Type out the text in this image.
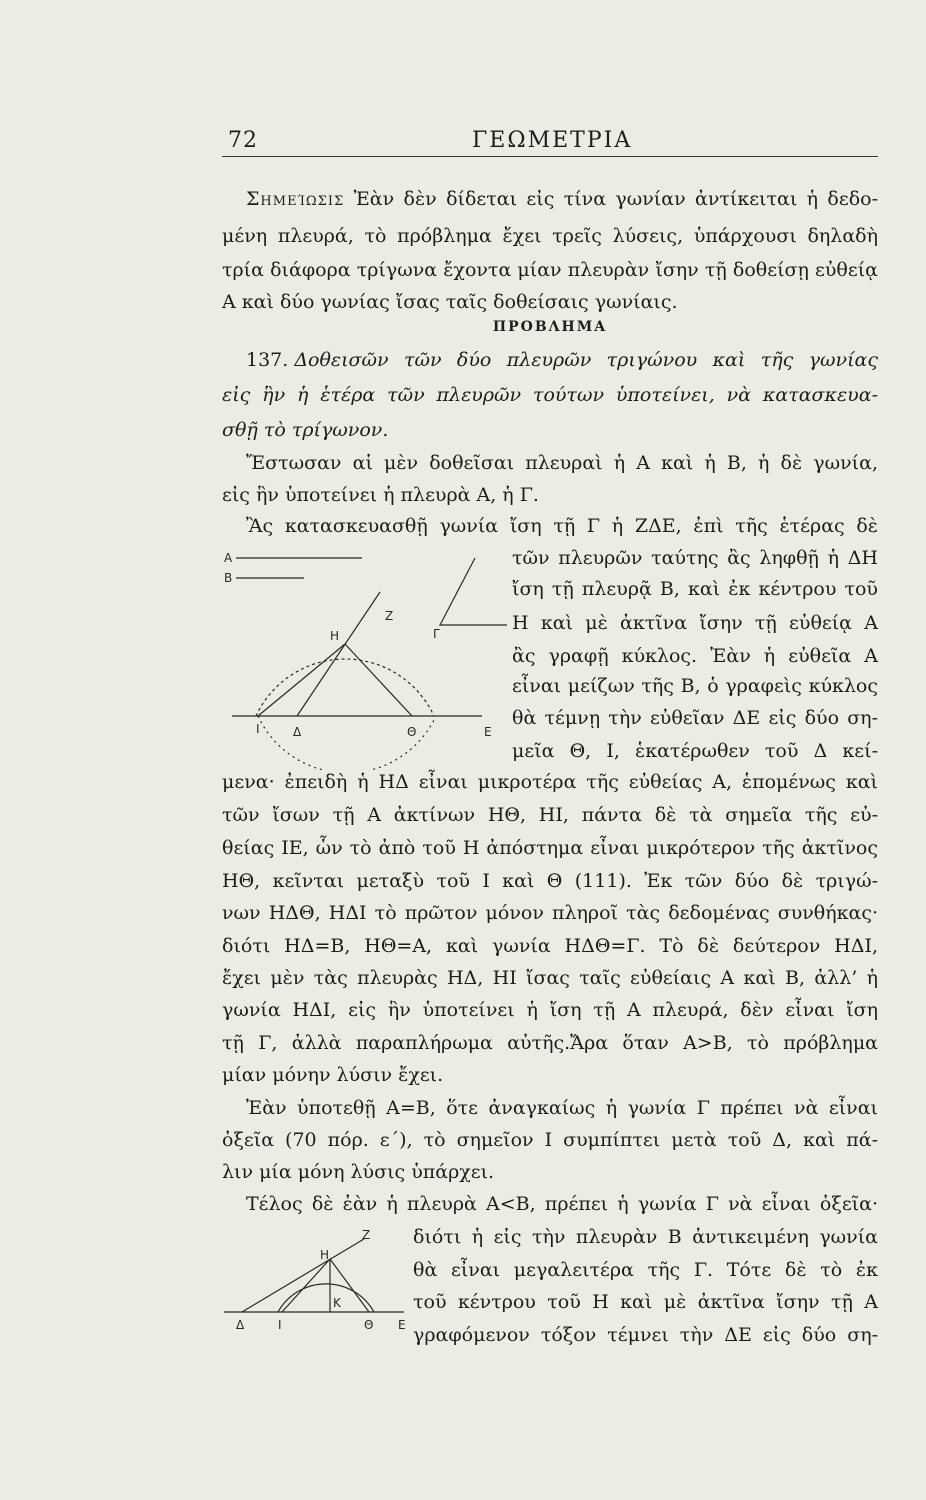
72	ΓΕΩΜΕΤΡΙΑ
Σημείωσις Ἐὰν δὲν δίδεται εἰς τίνα γωνίαν ἀντίκειται ἡ δεδο-
μένη πλευρά, τὸ πρόβλημα ἔχει τρεῖς λύσεις, ὑπάρχουσι δηλαδὴ
τρία διάφορα τρίγωνα ἔχοντα μίαν πλευρὰν ἴσην τῇ δοθείσῃ εὐθείᾳ
Α καὶ δύο γωνίας ἴσας ταῖς δοθείσαις γωνίαις.
ΠΡΟΒΛΗΜΑ
137. Δοθεισῶν τῶν δύο πλευρῶν τριγώνου καὶ τῆς γωνίας
εἰς ἣν ἡ ἑτέρα τῶν πλευρῶν τούτων ὑποτείνει, νὰ κατασκευα-
σθῇ τὸ τρίγωνον.
Ἔστωσαν αἱ μὲν δοθεῖσαι πλευραὶ ἡ Α καὶ ἡ Β, ἡ δὲ γωνία,
εἰς ἣν ὑποτείνει ἡ πλευρὰ Α, ἡ Γ.
Ἂς κατασκευασθῇ γωνία ἴση τῇ Γ ἡ ΖΔΕ, ἐπὶ τῆς ἑτέρας δὲ
τῶν πλευρῶν ταύτης ἂς ληφθῇ ἡ ΔΗ
ἴση τῇ πλευρᾷ Β, καὶ ἐκ κέντρου τοῦ
Η καὶ μὲ ἀκτῖνα ἴσην τῇ εὐθείᾳ Α
ἂς γραφῇ κύκλος. Ἐὰν ἡ εὐθεῖα Α
εἶναι μείζων τῆς Β, ὁ γραφεὶς κύκλος
θὰ τέμνῃ τὴν εὐθεῖαν ΔΕ εἰς δύο ση-
μεῖα Θ, Ι, ἑκατέρωθεν τοῦ Δ κεί-
μενα· ἐπειδὴ ἡ ΗΔ εἶναι μικροτέρα τῆς εὐθείας Α, ἑπομένως καὶ
τῶν ἴσων τῇ Α ἀκτίνων ΗΘ, ΗΙ, πάντα δὲ τὰ σημεῖα τῆς εὐ-
θείας ΙΕ, ὧν τὸ ἀπὸ τοῦ Η ἀπόστημα εἶναι μικρότερον τῆς ἀκτῖνος
ΗΘ, κεῖνται μεταξὺ τοῦ Ι καὶ Θ (111). Ἐκ τῶν δύο δὲ τριγώ-
νων ΗΔΘ, ΗΔΙ τὸ πρῶτον μόνον πληροῖ τὰς δεδομένας συνθήκας·
διότι ΗΔ=Β, ΗΘ=Α, καὶ γωνία ΗΔΘ=Γ. Τὸ δὲ δεύτερον ΗΔΙ,
ἔχει μὲν τὰς πλευρὰς ΗΔ, ΗΙ ἴσας ταῖς εὐθείαις Α καὶ Β, ἀλλ’ ἡ
γωνία ΗΔΙ, εἰς ἣν ὑποτείνει ἡ ἴση τῇ Α πλευρά, δὲν εἶναι ἴση
τῇ Γ, ἀλλὰ παραπλήρωμα αὐτῆς.Ἄρα ὅταν Α>Β, τὸ πρόβλημα
μίαν μόνην λύσιν ἔχει.
Ἐὰν ὑποτεθῇ Α=Β, ὅτε ἀναγκαίως ἡ γωνία Γ πρέπει νὰ εἶναι
ὀξεῖα (70 πόρ. ε΄), τὸ σημεῖον Ι συμπίπτει μετὰ τοῦ Δ, καὶ πά-
λιν μία μόνη λύσις ὑπάρχει.
Τέλος δὲ ἐὰν ἡ πλευρὰ Α<Β, πρέπει ἡ γωνία Γ νὰ εἶναι ὀξεῖα·
διότι ἡ εἰς τὴν πλευρὰν Β ἀντικειμένη γωνία
θὰ εἶναι μεγαλειτέρα τῆς Γ. Τότε δὲ τὸ ἐκ
τοῦ κέντρου τοῦ Η καὶ μὲ ἀκτῖνα ἴσην τῇ Α
γραφόμενον τόξον τέμνει τὴν ΔΕ εἰς δύο ση-
Α
Β
Γ
Ζ
Η
Ι	Δ	Θ	Ε
Ζ
Η
Κ
Δ	Ι	Θ Ε
